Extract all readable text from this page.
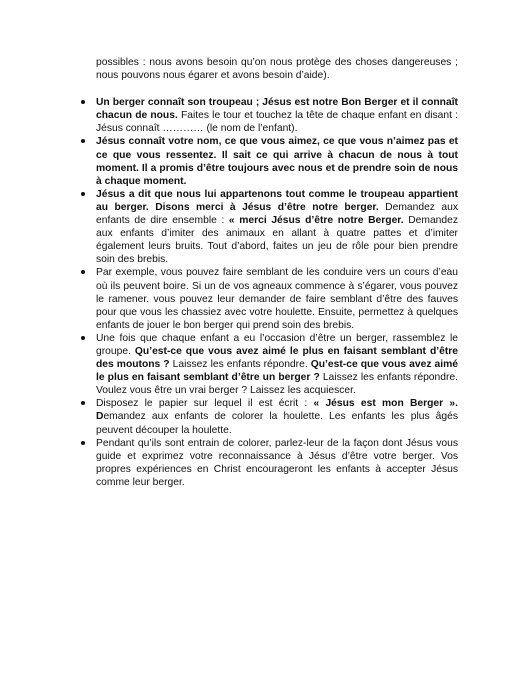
possibles : nous avons besoin qu’on nous protège des choses dangereuses ; nous pouvons nous égarer et avons besoin d’aide).

Un berger connaît son troupeau ; Jésus est notre Bon Berger et il connaît chacun de nous. Faites le tour et touchez la tête de chaque enfant en disant : Jésus connaît ………… (le nom de l’enfant).
Jésus connaît votre nom, ce que vous aimez, ce que vous n’aimez pas et ce que vous ressentez. Il sait ce qui arrive à chacun de nous à tout moment. Il a promis d’être toujours avec nous et de prendre soin de nous à chaque moment.
Jésus a dit que nous lui appartenons tout comme le troupeau appartient au berger. Disons merci à Jésus d’être notre berger. Demandez aux enfants de dire ensemble : « merci Jésus d’être notre Berger. Demandez aux enfants d’imiter des animaux en allant à quatre pattes et d’imiter également leurs bruits. Tout d’abord, faites un jeu de rôle pour bien prendre soin des brebis.
Par exemple, vous pouvez faire semblant de les conduire vers un cours d’eau où ils peuvent boire. Si un de vos agneaux commence à s’égarer, vous pouvez le ramener. vous pouvez leur demander de faire semblant d’être des fauves pour que vous les chassiez avec votre houlette. Ensuite, permettez à quelques enfants de jouer le bon berger qui prend soin des brebis.
Une fois que chaque enfant a eu l’occasion d’être un berger, rassemblez le groupe. Qu’est-ce que vous avez aimé le plus en faisant semblant d’être des moutons ? Laissez les enfants répondre. Qu’est-ce que vous avez aimé le plus en faisant semblant d’être un berger ? Laissez les enfants répondre. Voulez vous être un vrai berger ? Laissez les acquiescer.
Disposez le papier sur lequel il est écrit : « Jésus est mon Berger ». Demandez aux enfants de colorer la houlette. Les enfants les plus âgés peuvent découper la houlette.
Pendant qu’ils sont entrain de colorer, parlez-leur de la façon dont Jésus vous guide et exprimez votre reconnaissance à Jésus d’être votre berger. Vos propres expériences en Christ encourageront les enfants à accepter Jésus comme leur berger.
